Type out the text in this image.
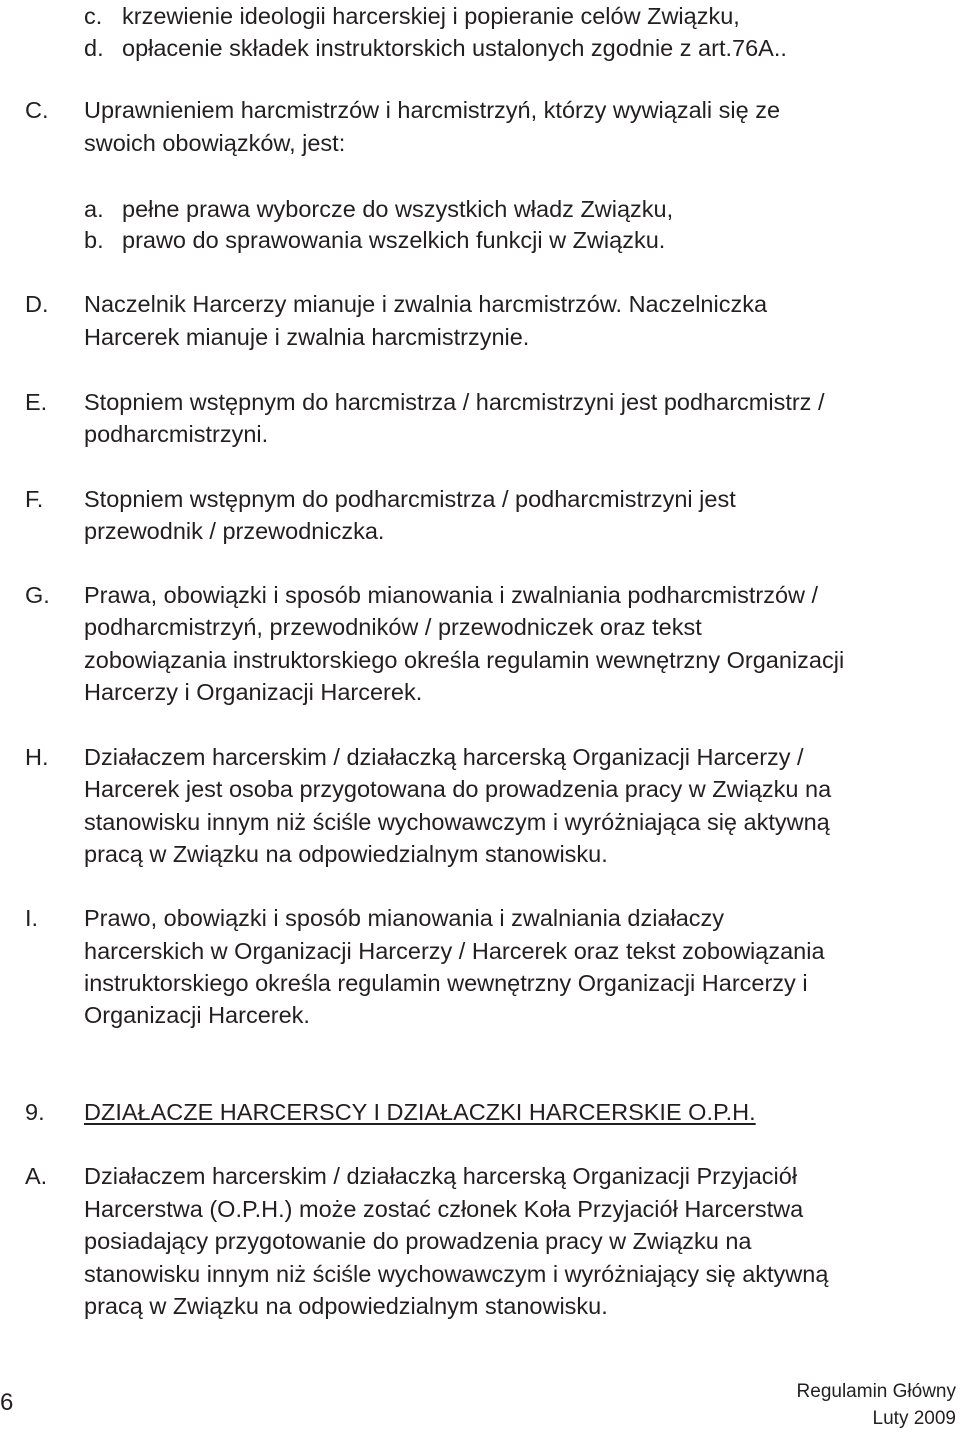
c. krzewienie ideologii harcerskiej i popieranie celów Związku,
d. opłacenie składek instruktorskich ustalonych zgodnie z art.76A..
C. Uprawnieniem harcmistrzów i harcmistrzyń, którzy wywiązali się ze
swoich obowiązków, jest:
a. pełne prawa wyborcze do wszystkich władz Związku,
b. prawo do sprawowania wszelkich funkcji w Związku.
D. Naczelnik Harcerzy mianuje i zwalnia harcmistrzów. Naczelniczka
Harcerek mianuje i zwalnia harcmistrzynie.
E. Stopniem wstępnym do harcmistrza / harcmistrzyni jest podharcmistrz /
podharcmistrzyni.
F. Stopniem wstępnym do podharcmistrza / podharcmistrzyni jest
przewodnik / przewodniczka.
G. Prawa, obowiązki i sposób mianowania i zwalniania podharcmistrzów /
podharcmistrzyń, przewodników / przewodniczek oraz tekst
zobowiązania instruktorskiego określa regulamin wewnętrzny Organizacji
Harcerzy i Organizacji Harcerek.
H. Działaczem harcerskim / działaczką harcerską Organizacji Harcerzy /
Harcerek jest osoba przygotowana do prowadzenia pracy w Związku na
stanowisku innym niż ściśle wychowawczym i wyróżniająca się aktywną
pracą w Związku na odpowiedzialnym stanowisku.
I. Prawo, obowiązki i sposób mianowania i zwalniania działaczy
harcerskich w Organizacji Harcerzy / Harcerek oraz tekst zobowiązania
instruktorskiego określa regulamin wewnętrzny Organizacji Harcerzy i
Organizacji Harcerek.
9. DZIAŁACZE HARCERSCY I DZIAŁACZKI HARCERSKIE O.P.H.
A. Działaczem harcerskim / działaczką harcerską Organizacji Przyjaciół
Harcerstwa (O.P.H.) może zostać członek Koła Przyjaciół Harcerstwa
posiadający przygotowanie do prowadzenia pracy w Związku na
stanowisku innym niż ściśle wychowawczym i wyróżniający się aktywną
pracą w Związku na odpowiedzialnym stanowisku.
6	Regulamin Główny
Luty 2009
